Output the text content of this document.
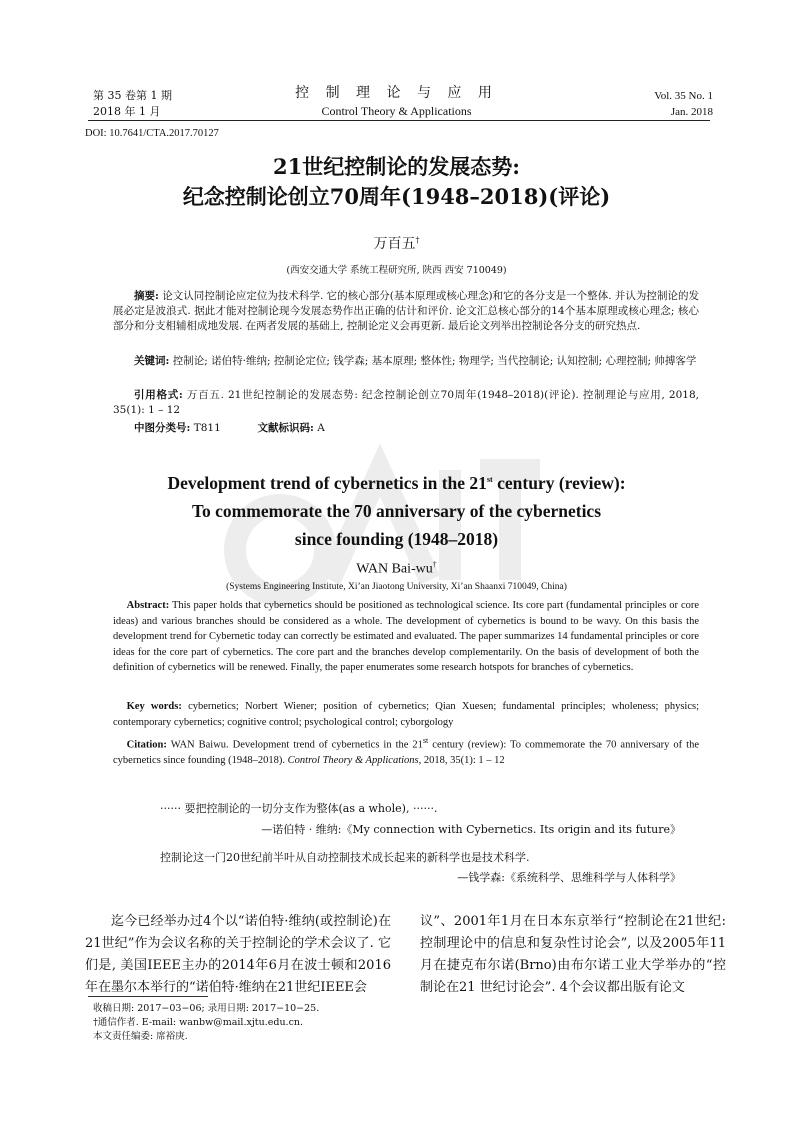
第 35 卷第 1 期
2018 年 1 月
控 制 理 论 与 应 用
Control Theory & Applications
Vol. 35 No. 1
Jan. 2018
DOI: 10.7641/CTA.2017.70127
21世纪控制论的发展态势:
纪念控制论创立70周年(1948–2018)(评论)
万百五†
(西安交通大学 系统工程研究所, 陕西 西安 710049)
摘要: 论文认同控制论应定位为技术科学. 它的核心部分(基本原理或核心理念)和它的各分支是一个整体. 并认为控制论的发展必定是波浪式. 据此才能对控制论现今发展态势作出正确的估计和评价. 论文汇总核心部分的14个基本原理或核心理念; 核心部分和分支相辅相成地发展. 在两者发展的基础上, 控制论定义会再更新. 最后论文列举出控制论各分支的研究热点.
关键词: 控制论; 诺伯特·维纳; 控制论定位; 钱学森; 基本原理; 整体性; 物理学; 当代控制论; 认知控制; 心理控制; 帅搏客学
引用格式: 万百五. 21世纪控制论的发展态势: 纪念控制论创立70周年(1948–2018)(评论). 控制理论与应用, 2018, 35(1): 1 – 12
中图分类号: T811	文献标识码: A
Development trend of cybernetics in the 21st century (review):
To commemorate the 70 anniversary of the cybernetics
since founding (1948–2018)
WAN Bai-wu†
(Systems Engineering Institute, Xi’an Jiaotong University, Xi’an Shaanxi 710049, China)
Abstract: This paper holds that cybernetics should be positioned as technological science. Its core part (fundamental principles or core ideas) and various branches should be considered as a whole. The development of cybernetics is bound to be wavy. On this basis the development trend for Cybernetic today can correctly be estimated and evaluated. The paper summarizes 14 fundamental principles or core ideas for the core part of cybernetics. The core part and the branches develop complementarily. On the basis of development of both the definition of cybernetics will be renewed. Finally, the paper enumerates some research hotspots for branches of cybernetics.
Key words: cybernetics; Norbert Wiener; position of cybernetics; Qian Xuesen; fundamental principles; wholeness; physics; contemporary cybernetics; cognitive control; psychological control; cyborgology
Citation: WAN Baiwu. Development trend of cybernetics in the 21st century (review): To commemorate the 70 anniversary of the cybernetics since founding (1948–2018). Control Theory & Applications, 2018, 35(1): 1 – 12
······ 要把控制论的一切分支作为整体(as a whole), ······.
—诺伯特 · 维纳:《My connection with Cybernetics. Its origin and its future》
控制论这一门20世纪前半叶从自动控制技术成长起来的新科学也是技术科学.
—钱学森:《系统科学、思维科学与人体科学》
迄今已经举办过4个以“诺伯特·维纳(或控制论)在21世纪”作为会议名称的关于控制论的学术会议了. 它们是, 美国IEEE主办的2014年6月在波士顿和2016年在墨尔本举行的“诺伯特·维纳在21世纪IEEE会
议”、2001年1月在日本东京举行“控制论在21世纪: 控制理论中的信息和复杂性讨论会”, 以及2005年11月在捷克布尔诺(Brno)由布尔诺工业大学举办的“控制论在21 世纪讨论会”. 4个会议都出版有论文
收稿日期: 2017−03−06; 录用日期: 2017−10−25.
†通信作者. E-mail: wanbw@mail.xjtu.edu.cn.
本文责任编委: 席裕庚.
